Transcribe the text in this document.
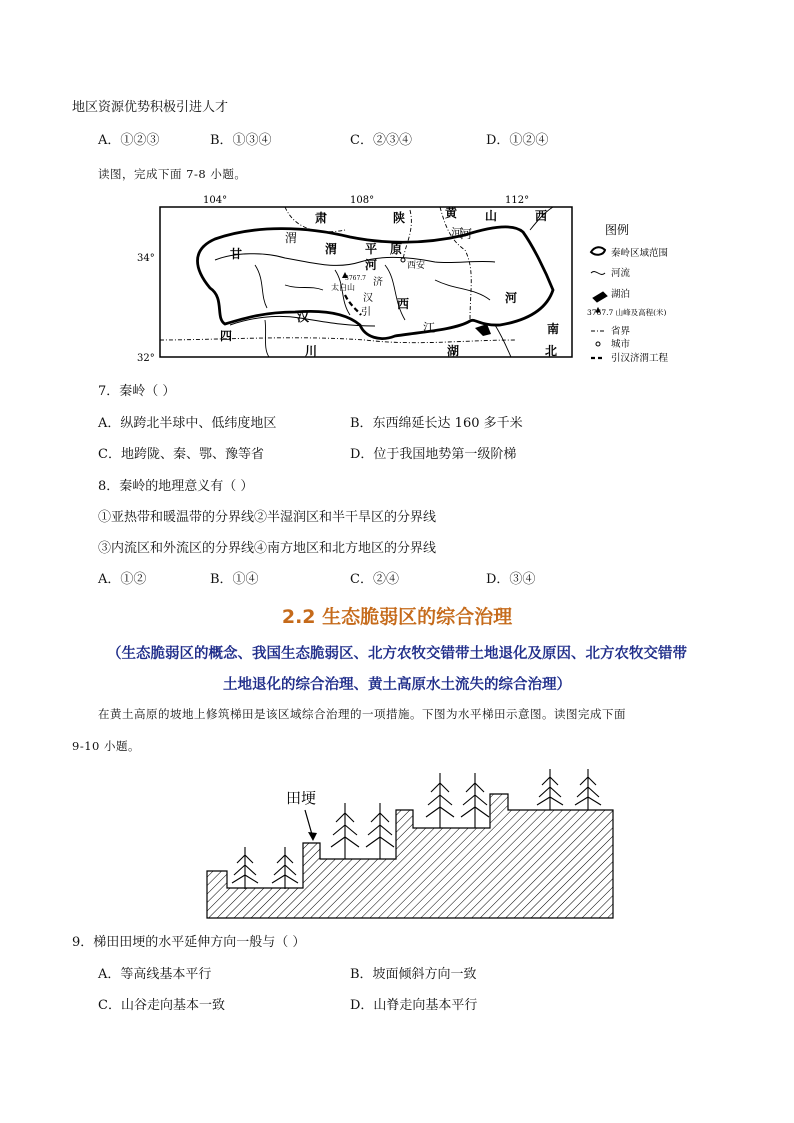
地区资源优势积极引进人才
A．①②③	B．①③④	C．②③④	D．①②④
读图，完成下面 7-8 小题。
104°	108°	112°
34°
32°
甘
肃	陕	黄 山	西
渭	河
渭
河
平 原
西安
3767.7
太白山 济
引
汉	河
汉
西
江
湖
河
南
四
川	北
图例
秦岭区域范围
河流
湖泊
3767.7 山峰及高程(米)
省界
城市
引汉济渭工程
7．秦岭（ ）
A．纵跨北半球中、低纬度地区	B．东西绵延长达 160 多千米
C．地跨陇、秦、鄂、豫等省	D．位于我国地势第一级阶梯
8．秦岭的地理意义有（ ）
①亚热带和暖温带的分界线②半湿润区和半干旱区的分界线
③内流区和外流区的分界线④南方地区和北方地区的分界线
A．①②	B．①④	C．②④	D．③④
2.2 生态脆弱区的综合治理
（生态脆弱区的概念、我国生态脆弱区、北方农牧交错带土地退化及原因、北方农牧交错带
土地退化的综合治理、黄土高原水土流失的综合治理）
在黄土高原的坡地上修筑梯田是该区域综合治理的一项措施。下图为水平梯田示意图。读图完成下面
9-10 小题。
田埂
9．梯田田埂的水平延伸方向一般与（ ）
A．等高线基本平行	B．坡面倾斜方向一致
C．山谷走向基本一致	D．山脊走向基本平行
